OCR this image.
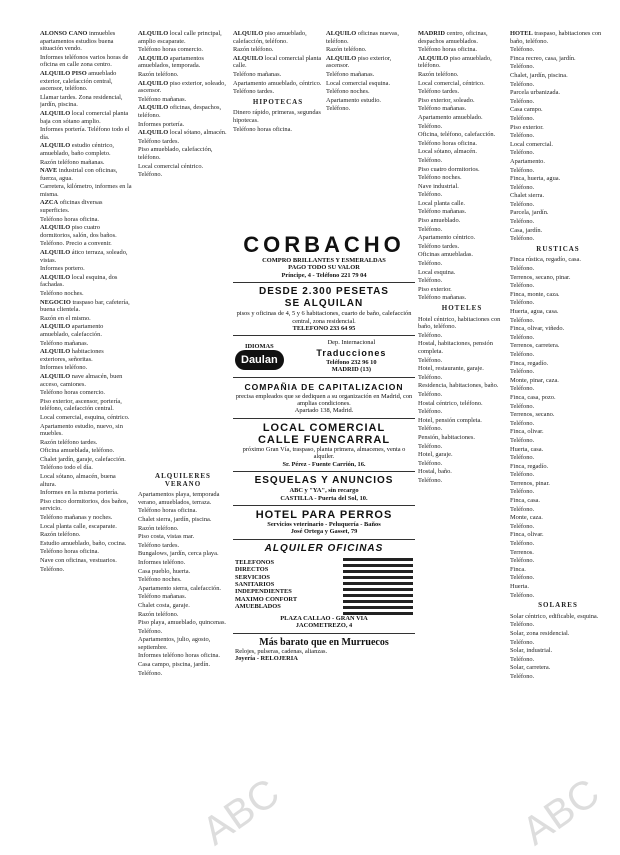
ALONSO CANO inmuebles apartamentos estudios buena situación vendo.

Informes teléfonos varios horas de oficina en calle zona centro.

ALQUILO PISO amueblado exterior, calefacción central, ascensor, teléfono.

Llamar tardes. Zona residencial, jardín, piscina.

ALQUILO local comercial planta baja con sótano amplio.

Informes portería. Teléfono todo el día.

ALQUILO estudio céntrico, amueblado, baño completo.

Razón teléfono mañanas.

NAVE industrial con oficinas, fuerza, agua.

Carretera, kilómetro, informes en la misma.

AZCA oficinas diversas superficies.

Teléfono horas oficina.

ALQUILO piso cuatro dormitorios, salón, dos baños.

Teléfono. Precio a convenir.

ALQUILO ático terraza, soleado, vistas.

Informes portero.

ALQUILO local esquina, dos fachadas.

Teléfono noches.

NEGOCIO traspaso bar, cafetería, buena clientela.

Razón en el mismo.

ALQUILO apartamento amueblado, calefacción.

Teléfono mañanas.

ALQUILO habitaciones exteriores, señoritas.

Informes teléfono.

ALQUILO nave almacén, buen acceso, camiones.

Teléfono horas comercio.

Piso exterior, ascensor, portería, teléfono, calefacción central.

Local comercial, esquina, céntrico.

Apartamento estudio, nuevo, sin muebles.

Razón teléfono tardes.

Oficina amueblada, teléfono.

Chalet jardín, garaje, calefacción.

Teléfono todo el día.

Local sótano, almacén, buena altura.

Informes en la misma portería.

Piso cinco dormitorios, dos baños, servicio.

Teléfono mañanas y noches.

Local planta calle, escaparate.

Razón teléfono.

Estudio amueblado, baño, cocina.

Teléfono horas oficina.

Nave con oficinas, vestuarios.

Teléfono.

ALQUILO local calle principal, amplio escaparate.

Teléfono horas comercio.

ALQUILO apartamentos amueblados, temporada.

Razón teléfono.

ALQUILO piso exterior, soleado, ascensor.

Teléfono mañanas.

ALQUILO oficinas, despachos, teléfono.

Informes portería.

ALQUILO local sótano, almacén.

Teléfono tardes.

Piso amueblado, calefacción, teléfono.

Local comercial céntrico.

Teléfono.

ALQUILERES VERANO

Apartamentos playa, temporada verano, amueblados, terraza.

Teléfono horas oficina.

Chalet sierra, jardín, piscina.

Razón teléfono.

Piso costa, vistas mar.

Teléfono tardes.

Bungalows, jardín, cerca playa.

Informes teléfono.

Casa pueblo, huerta.

Teléfono noches.

Apartamento sierra, calefacción.

Teléfono mañanas.

Chalet costa, garaje.

Razón teléfono.

Piso playa, amueblado, quincenas.

Teléfono.

Apartamentos, julio, agosto, septiembre.

Informes teléfono horas oficina.

Casa campo, piscina, jardín.

Teléfono.

ALQUILO piso amueblado, calefacción, teléfono.

Razón teléfono.

ALQUILO local comercial planta calle.

Teléfono mañanas.

Apartamento amueblado, céntrico.

Teléfono tardes.

HIPOTECAS

Dinero rápido, primeras, segundas hipotecas.

Teléfono horas oficina.

ALQUILO oficinas nuevas, teléfono.

Razón teléfono.

ALQUILO piso exterior, ascensor.

Teléfono mañanas.

Local comercial esquina.

Teléfono noches.

Apartamento estudio.

Teléfono.

MADRID centro, oficinas, despachos amueblados.

Teléfono horas oficina.

ALQUILO piso amueblado, teléfono.

Razón teléfono.

Local comercial, céntrico.

Teléfono tardes.

Piso exterior, soleado.

Teléfono mañanas.

Apartamento amueblado.

Teléfono.

Oficina, teléfono, calefacción.

Teléfono horas oficina.

Local sótano, almacén.

Teléfono.

Piso cuatro dormitorios.

Teléfono noches.

Nave industrial.

Teléfono.

Local planta calle.

Teléfono mañanas.

Piso amueblado.

Teléfono.

Apartamento céntrico.

Teléfono tardes.

Oficinas amuebladas.

Teléfono.

Local esquina.

Teléfono.

Piso exterior.

Teléfono mañanas.

HOTELES

Hotel céntrico, habitaciones con baño, teléfono.

Teléfono.

Hostal, habitaciones, pensión completa.

Teléfono.

Hotel, restaurante, garaje.

Teléfono.

Residencia, habitaciones, baño.

Teléfono.

Hostal céntrico, teléfono.

Teléfono.

Hotel, pensión completa.

Teléfono.

Pensión, habitaciones.

Teléfono.

Hotel, garaje.

Teléfono.

Hostal, baño.

Teléfono.

HOTEL traspaso, habitaciones con baño, teléfono.

Teléfono.

Finca recreo, casa, jardín.

Teléfono.

Chalet, jardín, piscina.

Teléfono.

Parcela urbanizada.

Teléfono.

Casa campo.

Teléfono.

Piso exterior.

Teléfono.

Local comercial.

Teléfono.

Apartamento.

Teléfono.

Finca, huerta, agua.

Teléfono.

Chalet sierra.

Teléfono.

Parcela, jardín.

Teléfono.

Casa, jardín.

Teléfono.

RUSTICAS

Finca rústica, regadío, casa.

Teléfono.

Terrenos, secano, pinar.

Teléfono.

Finca, monte, caza.

Teléfono.

Huerta, agua, casa.

Teléfono.

Finca, olivar, viñedo.

Teléfono.

Terrenos, carretera.

Teléfono.

Finca, regadío.

Teléfono.

Monte, pinar, caza.

Teléfono.

Finca, casa, pozo.

Teléfono.

Terrenos, secano.

Teléfono.

Finca, olivar.

Teléfono.

Huerta, casa.

Teléfono.

Finca, regadío.

Teléfono.

Terrenos, pinar.

Teléfono.

Finca, casa.

Teléfono.

Monte, caza.

Teléfono.

Finca, olivar.

Teléfono.

Terrenos.

Teléfono.

Finca.

Teléfono.

Huerta.

Teléfono.

SOLARES

Solar céntrico, edificable, esquina.

Teléfono.

Solar, zona residencial.

Teléfono.

Solar, industrial.

Teléfono.

Solar, carretera.

Teléfono.

CORBACHO
COMPRO BRILLANTES Y ESMERALDAS
PAGO TODO SU VALOR
Príncipe, 4 - Teléfono 221 79 04
DESDE 2.300 PESETAS
SE ALQUILAN
pisos y oficinas de 4, 5 y 6 habitaciones, cuarto de baño, calefacción central, zona residencial.
TELEFONO 233 64 95
IDIOMAS
Daulan
Dep. Internacional
Traducciones
Teléfono 232 96 10
MADRID (13)
COMPAÑIA DE CAPITALIZACION
precisa empleados que se dediquen a su organización en Madrid, con amplias condiciones.
Apartado 138, Madrid.
LOCAL COMERCIAL
CALLE FUENCARRAL
próximo Gran Vía, traspaso, planta primera, almacenes, venta o alquiler.
Sr. Pérez - Fuente Carrión, 16.
ESQUELAS Y ANUNCIOS
ABC y "YA", sin recargo
CASTILLA - Puerta del Sol, 10.
HOTEL PARA PERROS
Servicios veterinario - Peluquería - Baños
José Ortega y Gasset, 79
ALQUILER OFICINAS
TELEFONOS
DIRECTOS
SERVICIOS
SANITARIOS
INDEPENDIENTES
MAXIMO CONFORT
AMUEBLADOS
PLAZA CALLAO - GRAN VIA
JACOMETREZO, 4
Más barato que en Murruecos
Relojes, pulseras, cadenas, alianzas.
Joyería - RELOJERIA
ABC	ABC
